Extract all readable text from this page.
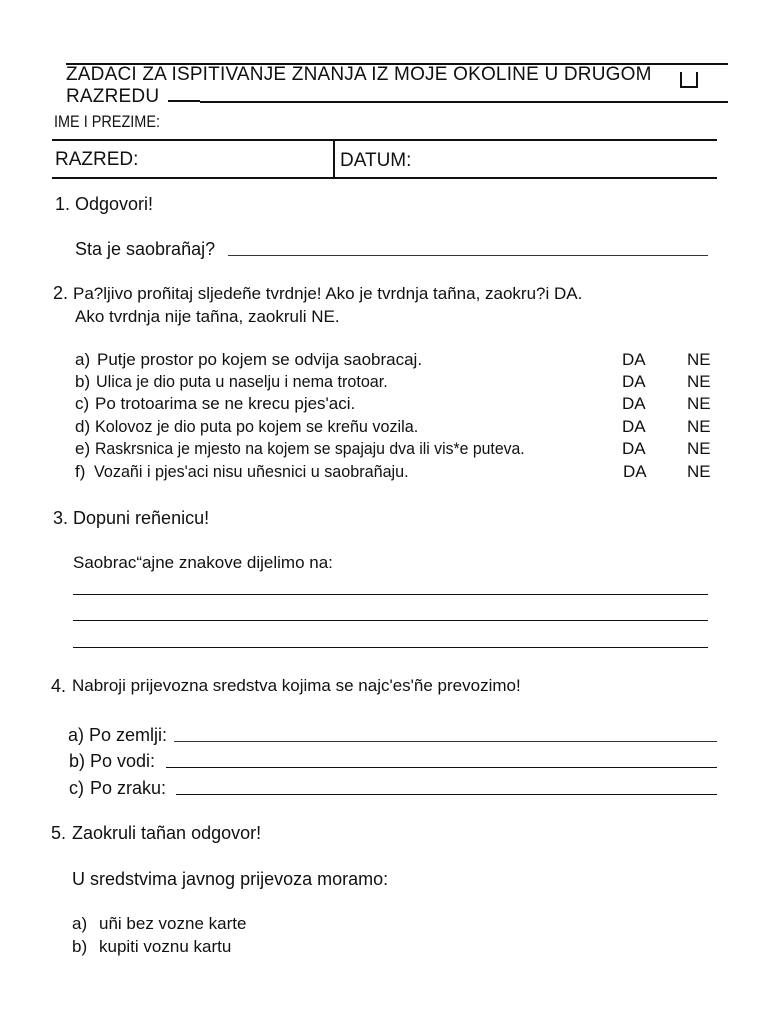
ZADACI ZA ISPITIVANJE ZNANJA IZ MOJE OKOLINE U DRUGOM
RAZREDU
IME I PREZIME:
RAZRED:	DATUM:
1. Odgovori!
Sta je saobrañaj?
2. Pa?ljivo proñitaj sljedeñe tvrdnje! Ako je tvrdnja tañna, zaokru?i DA.
Ako tvrdnja nije tañna, zaokruli NE.
a) Putje prostor po kojem se odvija saobracaj.	DA NE
b) Ulica je dio puta u naselju i nema trotoar.	DA NE
c) Po trotoarima se ne krecu pjes'aci.	DA NE
d) Kolovoz je dio puta po kojem se kreñu vozila.	DA NE
e) Raskrsnica je mjesto na kojem se spajaju dva ili vis*e puteva.	DA NE
f) Vozañi i pjes'aci nisu uñesnici u saobrañaju.	DA NE
3. Dopuni reñenicu!
Saobrac“ajne znakove dijelimo na:
4. Nabroji prijevozna sredstva kojima se najc'es'ñe prevozimo!
a) Po zemlji:
b) Po vodi:
c) Po zraku:
5. Zaokruli tañan odgovor!
U sredstvima javnog prijevoza moramo:
a) uñi bez vozne karte
b) kupiti voznu kartu
